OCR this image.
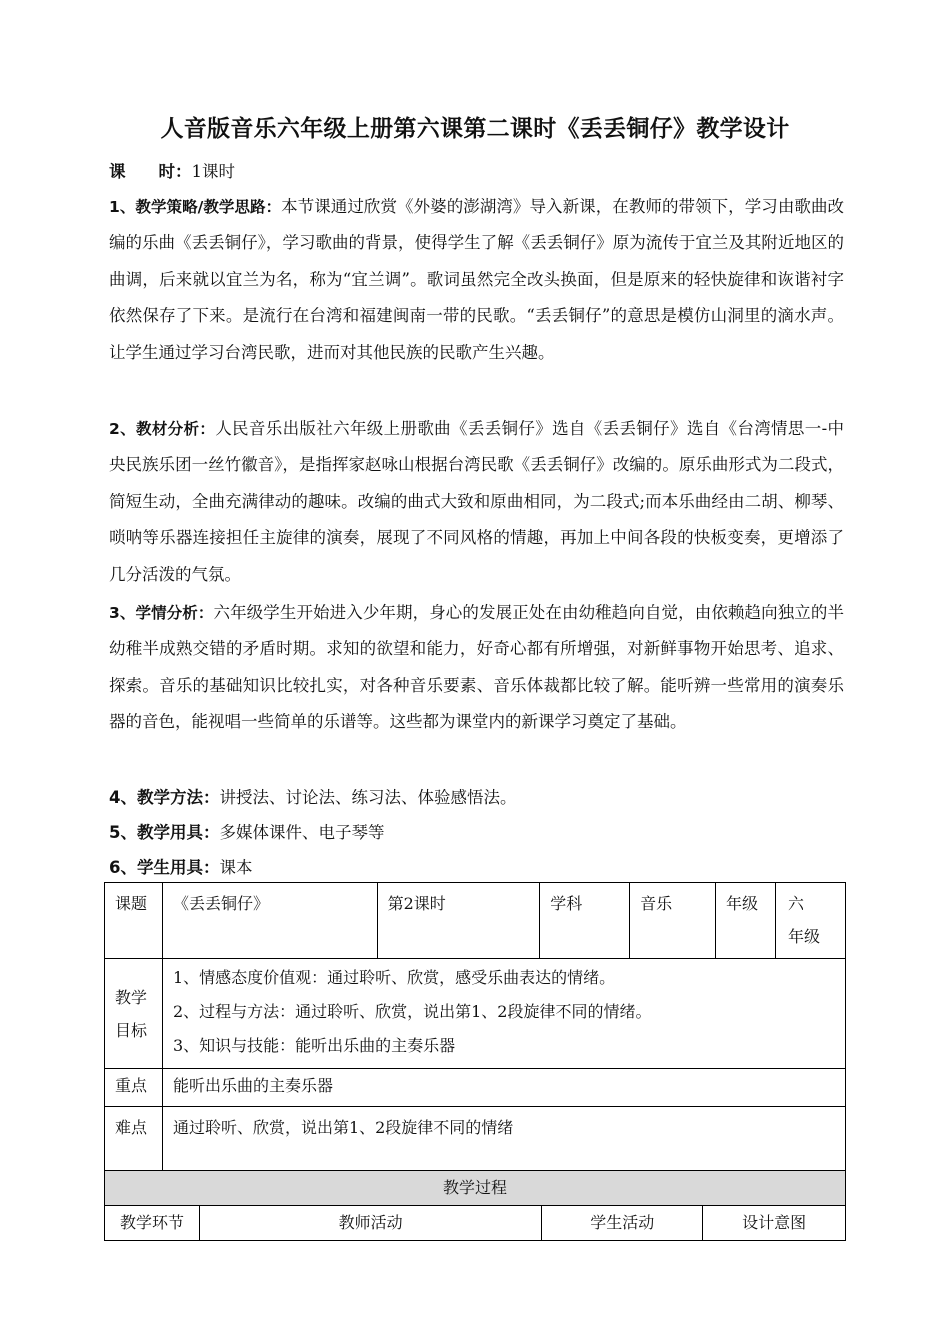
人音版音乐六年级上册第六课第二课时《丢丢铜仔》教学设计
课　　时：1课时
1、教学策略/教学思路：本节课通过欣赏《外婆的澎湖湾》导入新课，在教师的带领下，学习由歌曲改编的乐曲《丢丢铜仔》，学习歌曲的背景，使得学生了解《丢丢铜仔》原为流传于宜兰及其附近地区的曲调，后来就以宜兰为名，称为“宜兰调”。歌词虽然完全改头换面，但是原来的轻快旋律和诙谐衬字依然保存了下来。是流行在台湾和福建闽南一带的民歌。“丢丢铜仔”的意思是模仿山洞里的滴水声。让学生通过学习台湾民歌，进而对其他民族的民歌产生兴趣。
2、教材分析：人民音乐出版社六年级上册歌曲《丢丢铜仔》选自《丢丢铜仔》选自《台湾情思一-中央民族乐团一丝竹徽音》，是指挥家赵咏山根据台湾民歌《丢丢铜仔》改编的。原乐曲形式为二段式，简短生动，全曲充满律动的趣味。改编的曲式大致和原曲相同，为二段式;而本乐曲经由二胡、柳琴、唢呐等乐器连接担任主旋律的演奏，展现了不同风格的情趣，再加上中间各段的快板变奏，更增添了几分活泼的气氛。
3、学情分析：六年级学生开始进入少年期，身心的发展正处在由幼稚趋向自觉，由依赖趋向独立的半幼稚半成熟交错的矛盾时期。求知的欲望和能力，好奇心都有所增强，对新鲜事物开始思考、追求、探索。音乐的基础知识比较扎实，对各种音乐要素、音乐体裁都比较了解。能听辨一些常用的演奏乐器的音色，能视唱一些简单的乐谱等。这些都为课堂内的新课学习奠定了基础。
4、教学方法：讲授法、讨论法、练习法、体验感悟法。
5、教学用具：多媒体课件、电子琴等
6、学生用具：课本
课题	《丢丢铜仔》	第2课时	学科	音乐	年级	六　年级
教学目标	1、情感态度价值观：通过聆听、欣赏，感受乐曲表达的情绪。
2、过程与方法：通过聆听、欣赏，说出第1、2段旋律不同的情绪。
3、知识与技能：能听出乐曲的主奏乐器					

重点	能听出乐曲的主奏乐器					
难点	通过聆听、欣赏，说出第1、2段旋律不同的情绪					
教学过程
教学环节	教师活动	学生活动	设计意图
